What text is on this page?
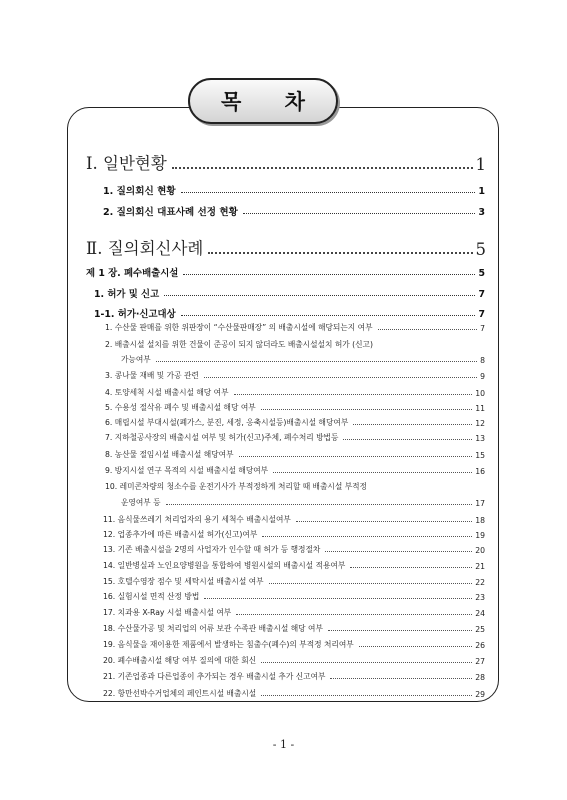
목 차
Ⅰ. 일반현황	1
1. 질의회신 현황	1
2. 질의회신 대표사례 선정 현황	3
Ⅱ. 질의회신사례	5
제 1 장. 폐수배출시설	5
1. 허가 및 신고	7
1-1. 허가·신고대상	7
1. 수산물 판매를 위한 위판장이 “수산물판매장” 의 배출시설에 해당되는지 여부	7
2. 배출시설 설치를 위한 건물이 준공이 되지 않더라도 배출시설설치 허가 (신고)
가능여부	8
3. 콩나물 재배 및 가공 관련	9
4. 토양세척 시설 배출시설 해당 여부	10
5. 수용성 절삭유 폐수 및 배출시설 해당 여부	11
6. 매립시설 부대시설(폐가스, 분진, 세정, 응축시설등)배출시설 해당여부	12
7. 지하철공사장의 배출시설 여부 및 허가(신고)주체, 폐수처리 방법등	13
8. 농산물 절임시설 배출시설 해당여부	15
9. 방지시설 연구 목적의 시설 배출시설 해당여부	16
10. 레미콘차량의 청소수를 운전기사가 부적정하게 처리할 때 배출시설 부적정
운영여부 등	17
11. 음식물쓰레기 처리업자의 용기 세척수 배출시설여부	18
12. 업종추가에 따른 배출시설 허가(신고)여부	19
13. 기존 배출시설을 2명의 사업자가 인수할 때 허가 등 행정절차	20
14. 일반병실과 노인요양병원을 통합하여 병원시설의 배출시설 적용여부	21
15. 호텔수영장 점수 및 세탁시설 배출시설 여부	22
16. 실험시설 면적 산정 방법	23
17. 치과용 X-Ray 시설 배출시설 여부	24
18. 수산물가공 및 처리업의 어류 보관 수족관 배출시설 해당 여부	25
19. 음식물을 재이용한 제품에서 발생하는 침출수(폐수)의 부적정 처리여부	26
20. 폐수배출시설 해당 여부 질의에 대한 회신	27
21. 기존업종과 다른업종이 추가되는 경우 배출시설 추가 신고여부	28
22. 항만선박수거업체의 페인트시설 배출시설	29
- 1 -
